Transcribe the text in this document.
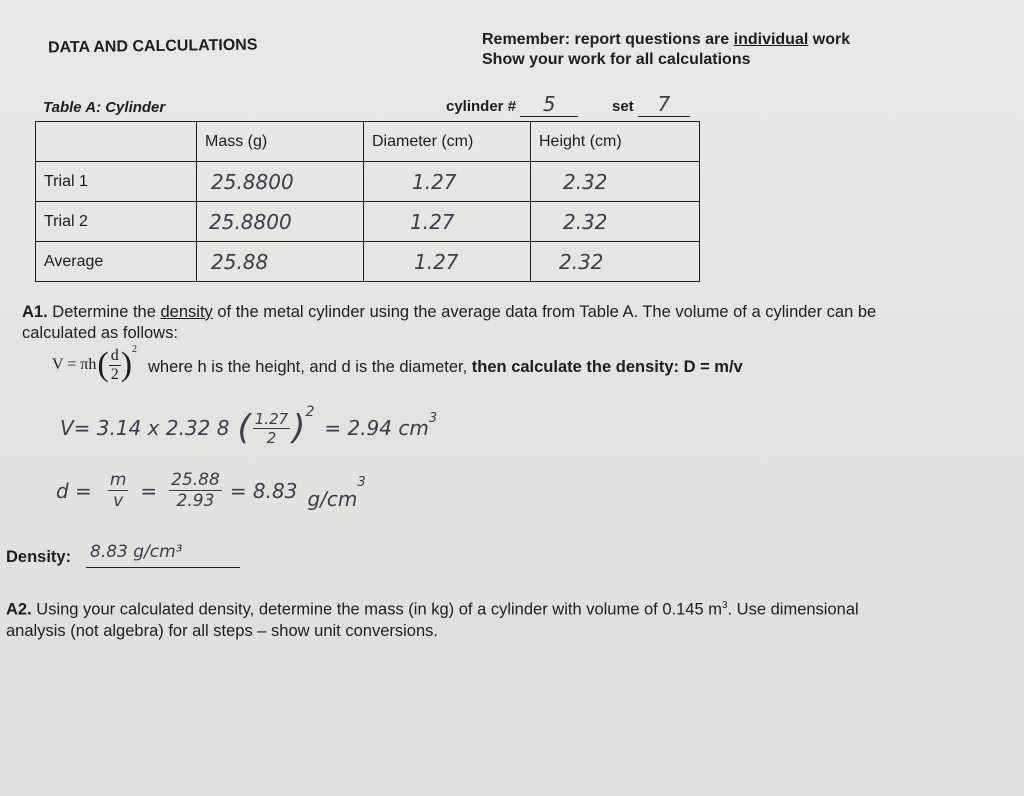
DATA AND CALCULATIONS	Remember: report questions are individual work
Show your work for all calculations
Table A: Cylinder	cylinder # 5	set 7
	Mass (g)	Diameter (cm)	Height (cm)
Trial 1	25.8800	1.27	2.32

Trial 2	25.8800	1.27	2.32

Average	25.88	1.27	2.32
A1. Determine the density of the metal cylinder using the average data from Table A. The volume of a cylinder can be
calculated as follows:
V = πh ( $\frac{d}{2} )^2$
where h is the height, and d is the diameter, then calculate the density: D = m/v
V= 3.14 x 2.32 8 ( $\frac{1.27}{2} )^2$
= 2.94 $cm^3$
$d = \frac{m}{v} = \frac{25.88}{2.93} = 8.83$ g/cm
$^3$
Density: 8.83 g/cm³
A2. Using your calculated density, determine the mass (in kg) of a cylinder with volume of 0.145 $m^3$. Use dimensional
analysis (not algebra) for all steps – show unit conversions.
